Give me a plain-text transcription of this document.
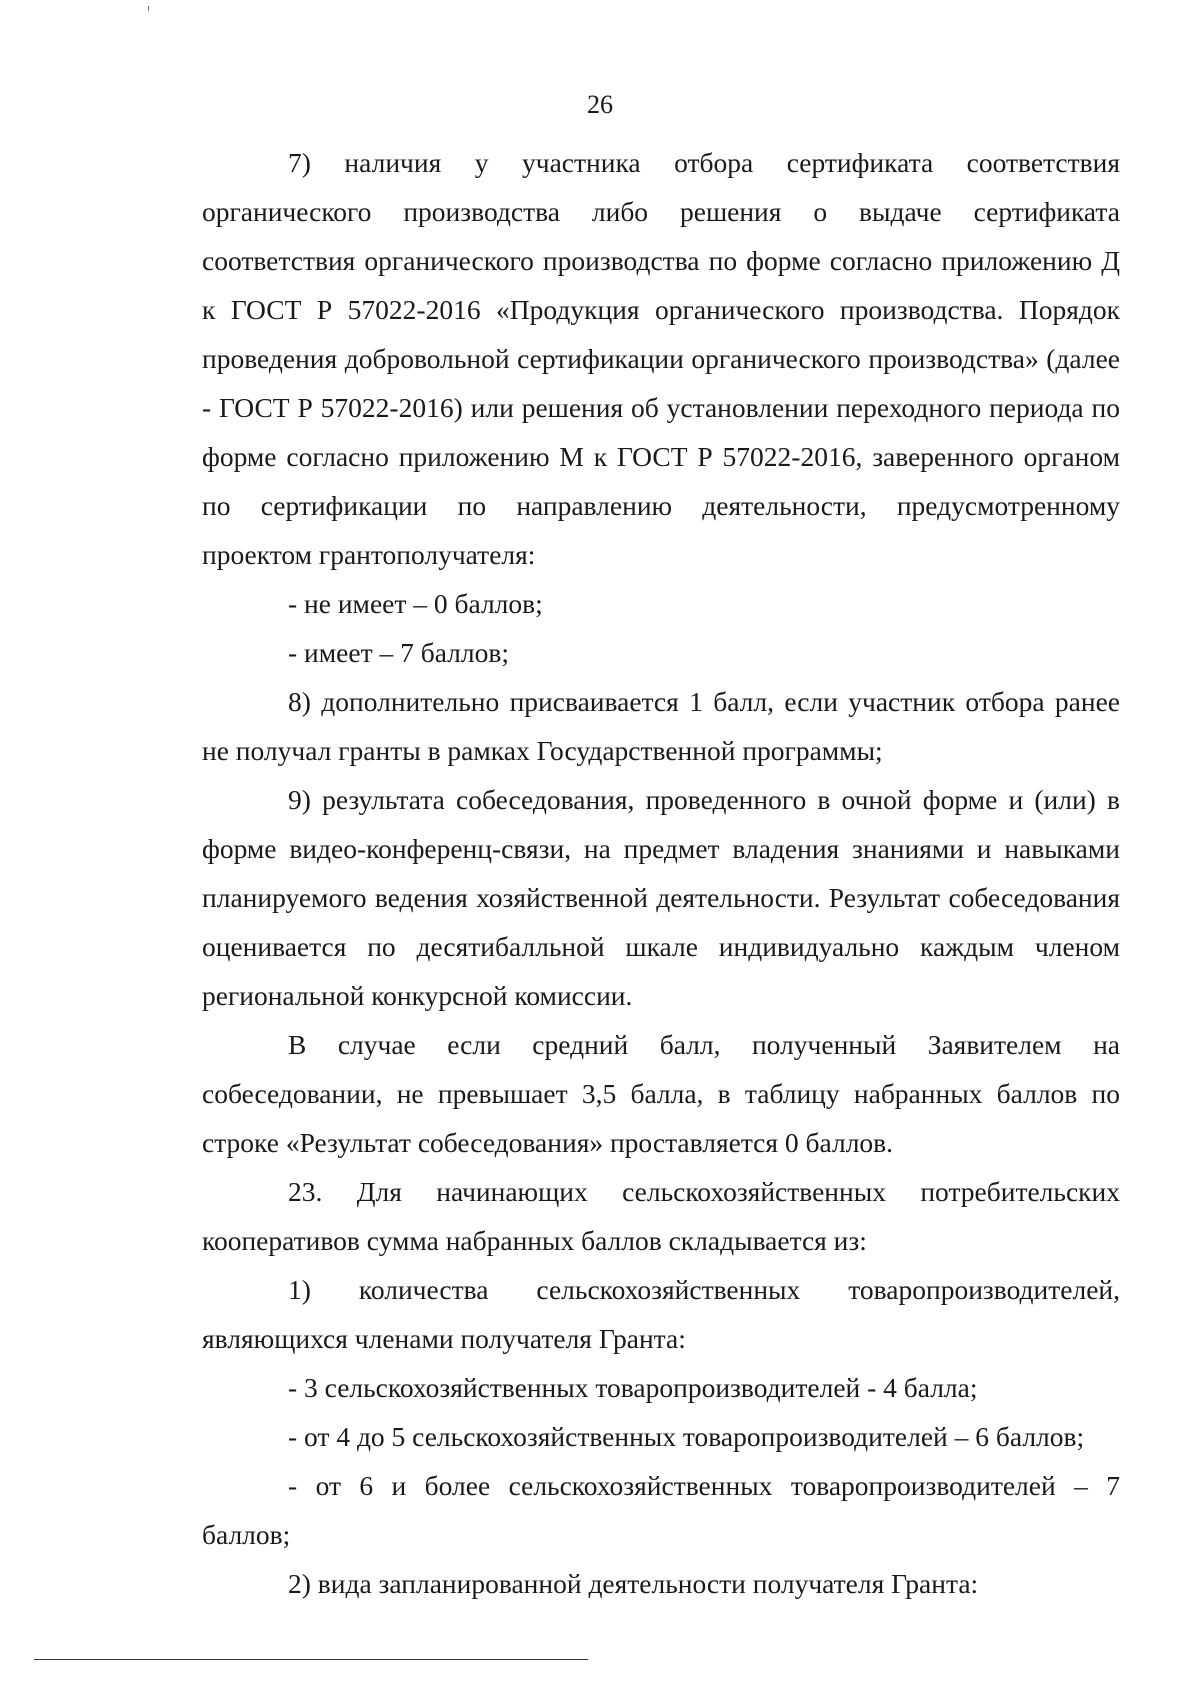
26

7) наличия у участника отбора сертификата соответствия органического производства либо решения о выдаче сертификата соответствия органического производства по форме согласно приложению Д к ГОСТ Р 57022-2016 «Продукция органического производства. Порядок проведения добровольной сертификации органического производства» (далее - ГОСТ Р 57022-2016) или решения об установлении переходного периода по форме согласно приложению М к ГОСТ Р 57022-2016, заверенного органом по сертификации по направлению деятельности, предусмотренному проектом грантополучателя:

- не имеет – 0 баллов;

- имеет – 7 баллов;

8) дополнительно присваивается 1 балл, если участник отбора ранее не получал гранты в рамках Государственной программы;

9) результата собеседования, проведенного в очной форме и (или) в форме видео-конференц-связи, на предмет владения знаниями и навыками планируемого ведения хозяйственной деятельности. Результат собеседования оценивается по десятибалльной шкале индивидуально каждым членом региональной конкурсной комиссии.

В случае если средний балл, полученный Заявителем на собеседовании, не превышает 3,5 балла, в таблицу набранных баллов по строке «Результат собеседования» проставляется 0 баллов.

23. Для начинающих сельскохозяйственных потребительских кооперативов сумма набранных баллов складывается из:

1) количества сельскохозяйственных товаропроизводителей, являющихся членами получателя Гранта:

- 3 сельскохозяйственных товаропроизводителей - 4 балла;

- от 4 до 5 сельскохозяйственных товаропроизводителей – 6 баллов;

- от 6 и более сельскохозяйственных товаропроизводителей – 7 баллов;

2) вида запланированной деятельности получателя Гранта:
